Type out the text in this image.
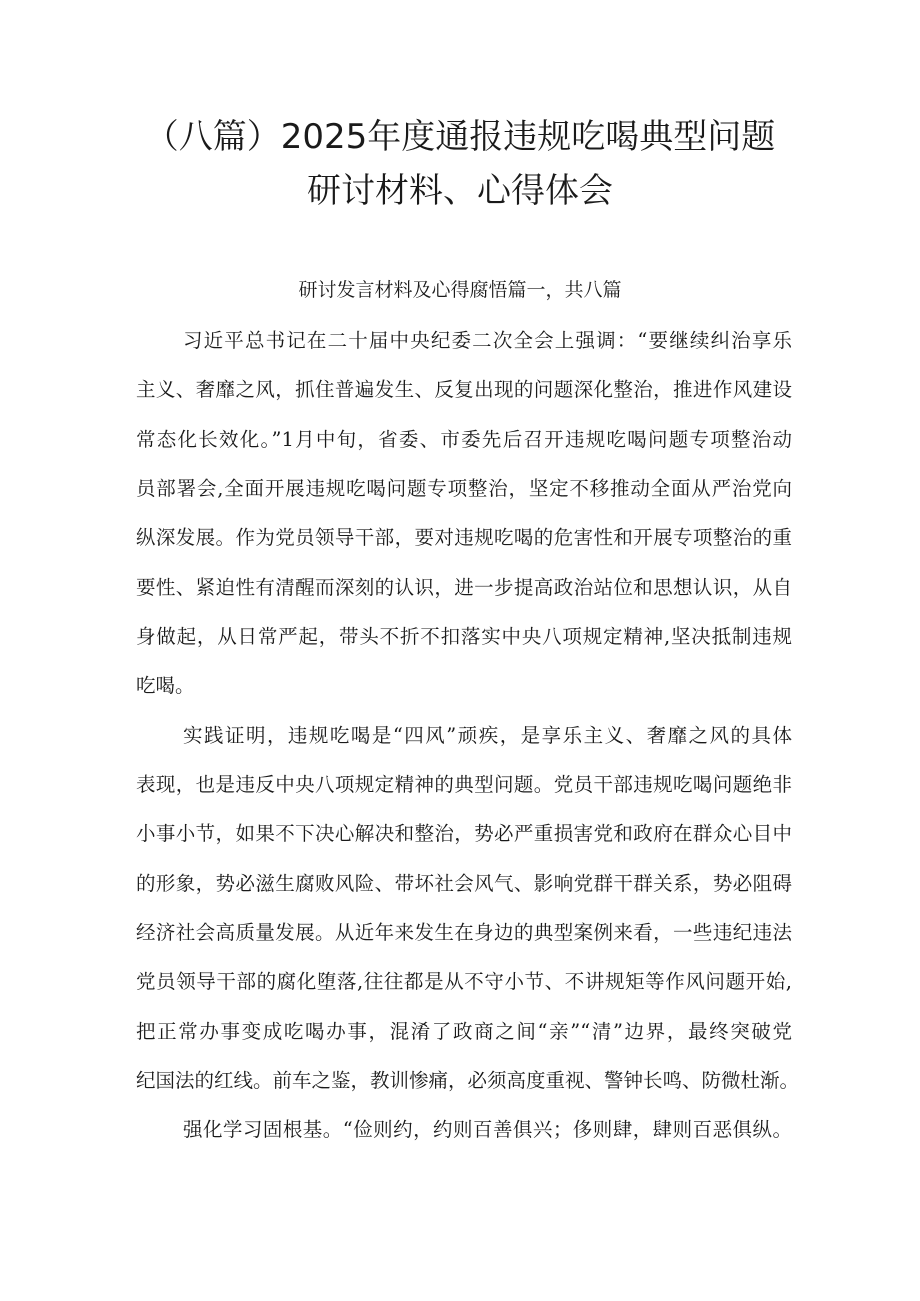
（八篇）2025年度通报违规吃喝典型问题
研讨材料、心得体会
研讨发言材料及心得腐悟篇一，共八篇

习近平总书记在二十届中央纪委二次全会上强调：“要继续纠治享乐

主义、奢靡之风，抓住普遍发生、反复出现的问题深化整治，推进作风建设

常态化长效化。”1月中旬，省委、市委先后召开违规吃喝问题专项整治动

员部署会,全面开展违规吃喝问题专项整治，坚定不移推动全面从严治党向

纵深发展。作为党员领导干部，要对违规吃喝的危害性和开展专项整治的重

要性、紧迫性有清醒而深刻的认识，进一步提高政治站位和思想认识，从自

身做起，从日常严起，带头不折不扣落实中央八项规定精神,坚决抵制违规

吃喝。

实践证明，违规吃喝是“四风”顽疾，是享乐主义、奢靡之风的具体

表现，也是违反中央八项规定精神的典型问题。党员干部违规吃喝问题绝非

小事小节，如果不下决心解决和整治，势必严重损害党和政府在群众心目中

的形象，势必滋生腐败风险、带坏社会风气、影响党群干群关系，势必阻碍

经济社会高质量发展。从近年来发生在身边的典型案例来看，一些违纪违法

党员领导干部的腐化堕落,往往都是从不守小节、不讲规矩等作风问题开始,

把正常办事变成吃喝办事，混淆了政商之间“亲”“清”边界，最终突破党

纪国法的红线。前车之鉴，教训惨痛，必须高度重视、警钟长鸣、防微杜渐。

强化学习固根基。“俭则约，约则百善俱兴；侈则肆，肆则百恶俱纵。
